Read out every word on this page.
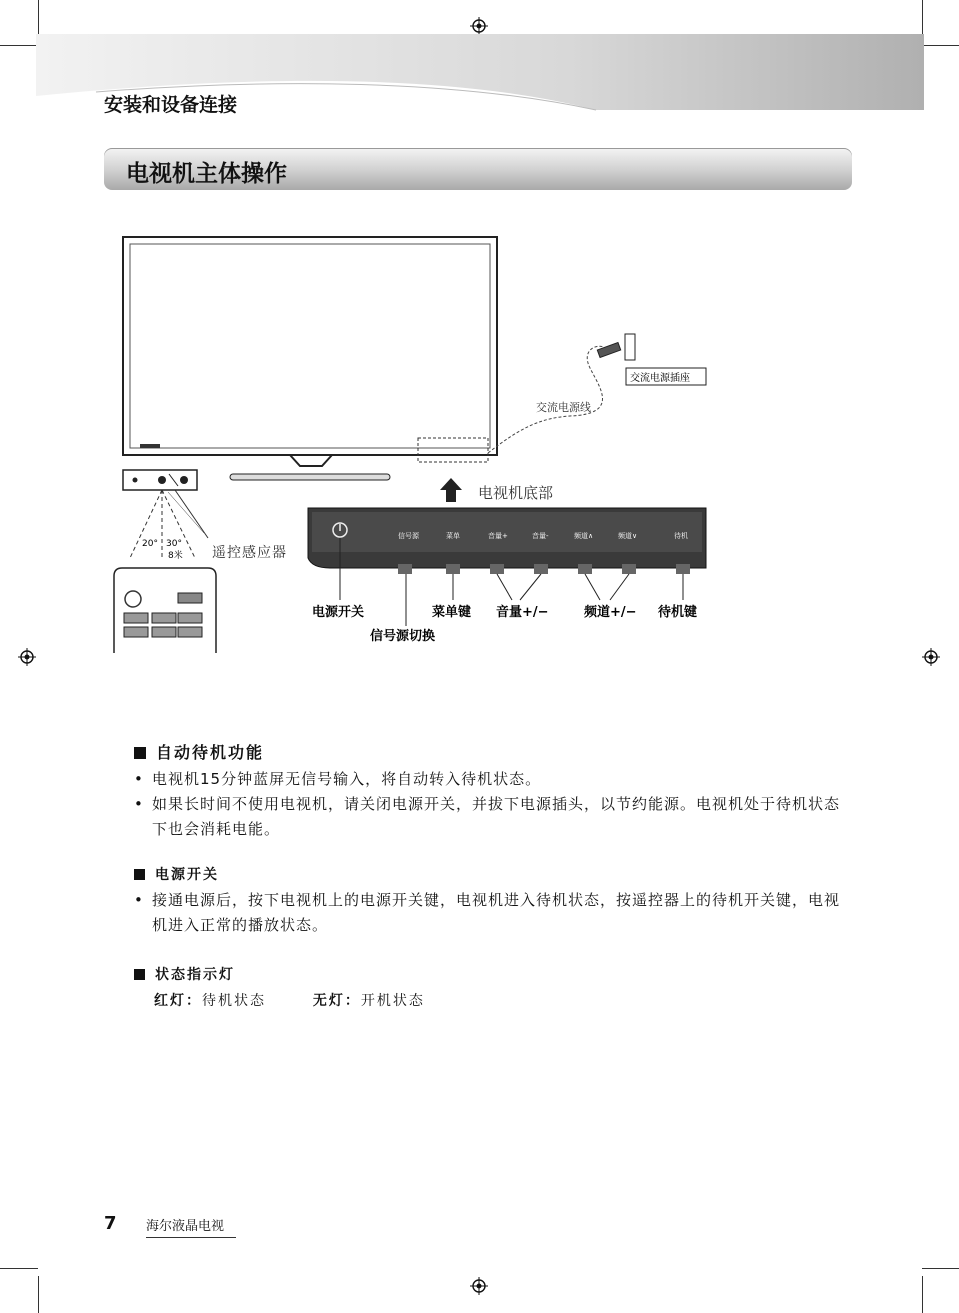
安装和设备连接
电视机主体操作
20° 30°
8米 遥控感应器
交流电源插座
交流电源线
电视机底部
信号源	菜单	音量+	音量-	频道∧	频道∨	待机
电源开关
信号源切换
菜单键 音量+/−	频道+/− 待机键
自动待机功能
• 电视机15分钟蓝屏无信号输入，将自动转入待机状态。
• 如果长时间不使用电视机，请关闭电源开关，并拔下电源插头，以节约能源。电视机处于待机状态下也会消耗电能。
电源开关
• 接通电源后，按下电视机上的电源开关键，电视机进入待机状态，按遥控器上的待机开关键，电视机进入正常的播放状态。
状态指示灯
红灯：待机状态	无灯：开机状态
7 海尔液晶电视
